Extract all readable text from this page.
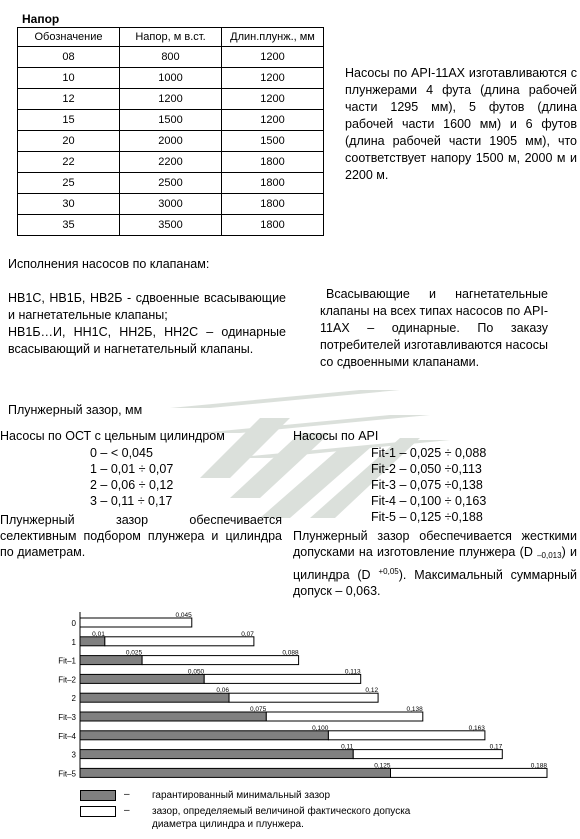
Напор
Обозначение	Напор, м в.ст.	Длин.плунж., мм
08	800	1200
10	1000	1200
12	1200	1200
15	1500	1200
20	2000	1500
22	2200	1800
25	2500	1800
30	3000	1800
35	3500	1800
Насосы по API-11AX изготавливаются с плунжерами 4 фута (длина рабочей части 1295 мм), 5 футов (длина рабочей части 1600 мм) и 6 футов (длина рабочей части 1905 мм), что соответствует напору 1500 м, 2000 м и 2200 м.
Исполнения насосов по клапанам:
НВ1С, НВ1Б, НВ2Б - сдвоенные всасывающие и нагнетательные клапаны;
НВ1Б…И, НН1С, НН2Б, НН2С – одинарные всасывающий и нагнетательный клапаны.
Всасывающие и нагнетательные клапаны на всех типах насосов по API-11AX – одинарные. По заказу потребителей изготавливаются насосы со сдвоенными клапанами.
Плунжерный зазор, мм
Насосы по ОСТ с цельным цилиндром
0 – < 0,045
1 – 0,01 ÷ 0,07
2 – 0,06 ÷ 0,12
3 – 0,11 ÷ 0,17
Насосы по API
Fit-1 – 0,025 ÷ 0,088
Fit-2 – 0,050 ÷0,113
Fit-3 – 0,075 ÷0,138
Fit-4 – 0,100 ÷ 0,163
Fit-5 – 0,125 ÷0,188
Плунжерный зазор обеспечивается селективным подбором плунжера и цилиндра по диаметрам.
Плунжерный зазор обеспечивается жесткими допусками на изготовление плунжера (D $_{-0,013}$) и цилиндра (D $^{+0,05}$). Максимальный суммарный допуск – 0,063.
0
0,045
1
0,01	0,07
Fit–1
0,025	0,088
Fit–2
0,050	0,113
2
0,06	0,12
Fit–3
0,075	0,138
Fit–4
0,100	0,163
3
0,11	0,17
Fit–5
0,125	0,188
– гарантированный минимальный зазор
– зазор, определяемый величиной фактического допуска
диаметра цилиндра и плунжера.
